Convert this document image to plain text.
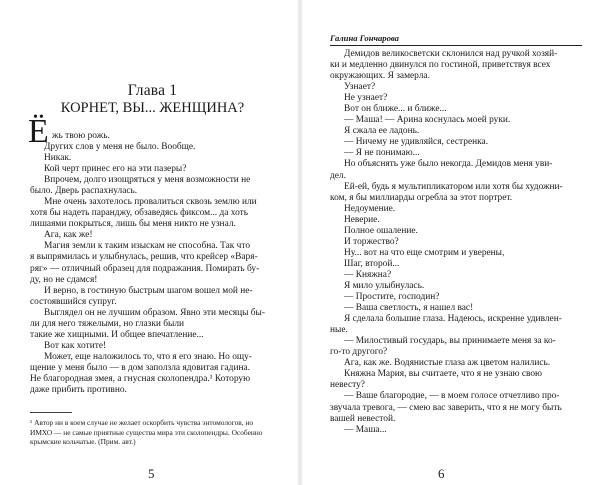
Глава 1
КОРНЕТ, ВЫ... ЖЕНЩИНА?
Ё жь твою рожь.
Других слов у меня не было. Вообще.
Никак.
Кой черт принес его на эти пазеры?
Впрочем, долго изощряться у меня возможности не
было. Дверь распахнулась.
Мне очень захотелось провалиться сквозь землю или
хотя бы надеть паранджу, обзаведясь фиксом... да хоть
лишаями покрыться, лишь бы меня никто не узнал.
Ага, как же!
Магия земли к таким изыскам не способна. Так что
я выпрямилась и улыбнулась, решив, что крейсер «Варя-
ряг» — отличный образец для подражания. Помирать бу-
ду, но не сдамся!
И верно, в гостиную быстрым шагом вошел мой не-
состоявшийся супруг.
Выглядел он не лучшим образом. Явно эти месяцы бы-
ли для него тяжелыми, но глазки были
такие же хищными. И общее впечатление...
Вот как хотите!
Может, еще наложилось то, что я его знаю. Но ощу-
щение у меня было — в дом заползла ядовитая гадина.
Не благородная змея, а гнусная сколопендра.¹ Которую
даже прибить противно.
¹ Автор ни в коем случае не желает оскорбить чувства энтомологов, но ИМХО — не самые приятные существа мира эти сколопендры. Особенно крымские кольчатые. (Прим. авт.)
5
Галина Гончарова
Демидов великосветски склонился над ручкой хозяй-
ки и медленно двинулся по гостиной, приветствуя всех
окружающих. Я замерла.
Узнает?
Не узнает?
Вот он ближе... и ближе...
— Маша! — Арина коснулась моей руки.
Я сжала ее ладонь.
— Ничему не удивляйся, сестренка.
— Я не понимаю...
Но объяснять уже было некогда. Демидов меня уви-
дел.
Ей-ей, будь я мультипликатором или хотя бы художни-
ком, я бы миллиарды огребла за этот портрет.
Недоумение.
Неверие.
Полное ошаление.
И торжество?
Ну... вот на что еще смотрим и уверены,
Шаг, второй...
— Княжна?
Я мило улыбнулась.
— Простите, господин?
— Ваша светлость, я нашел вас!
Я сделала большие глаза. Надеюсь, искренне удивлен-
ные.
— Милостивый государь, вы принимаете меня за ко-
го-то другого?
Ага, как же. Водянистые глаза аж цветом налились.
Княжна Мария, вы считаете, что я не узнаю свою
невесту?
— Ваше благородие, — в моем голосе отчетливо про-
звучала тревога, — смею вас заверить, что я не могу быть
вашей невестой.
— Маша...
6
